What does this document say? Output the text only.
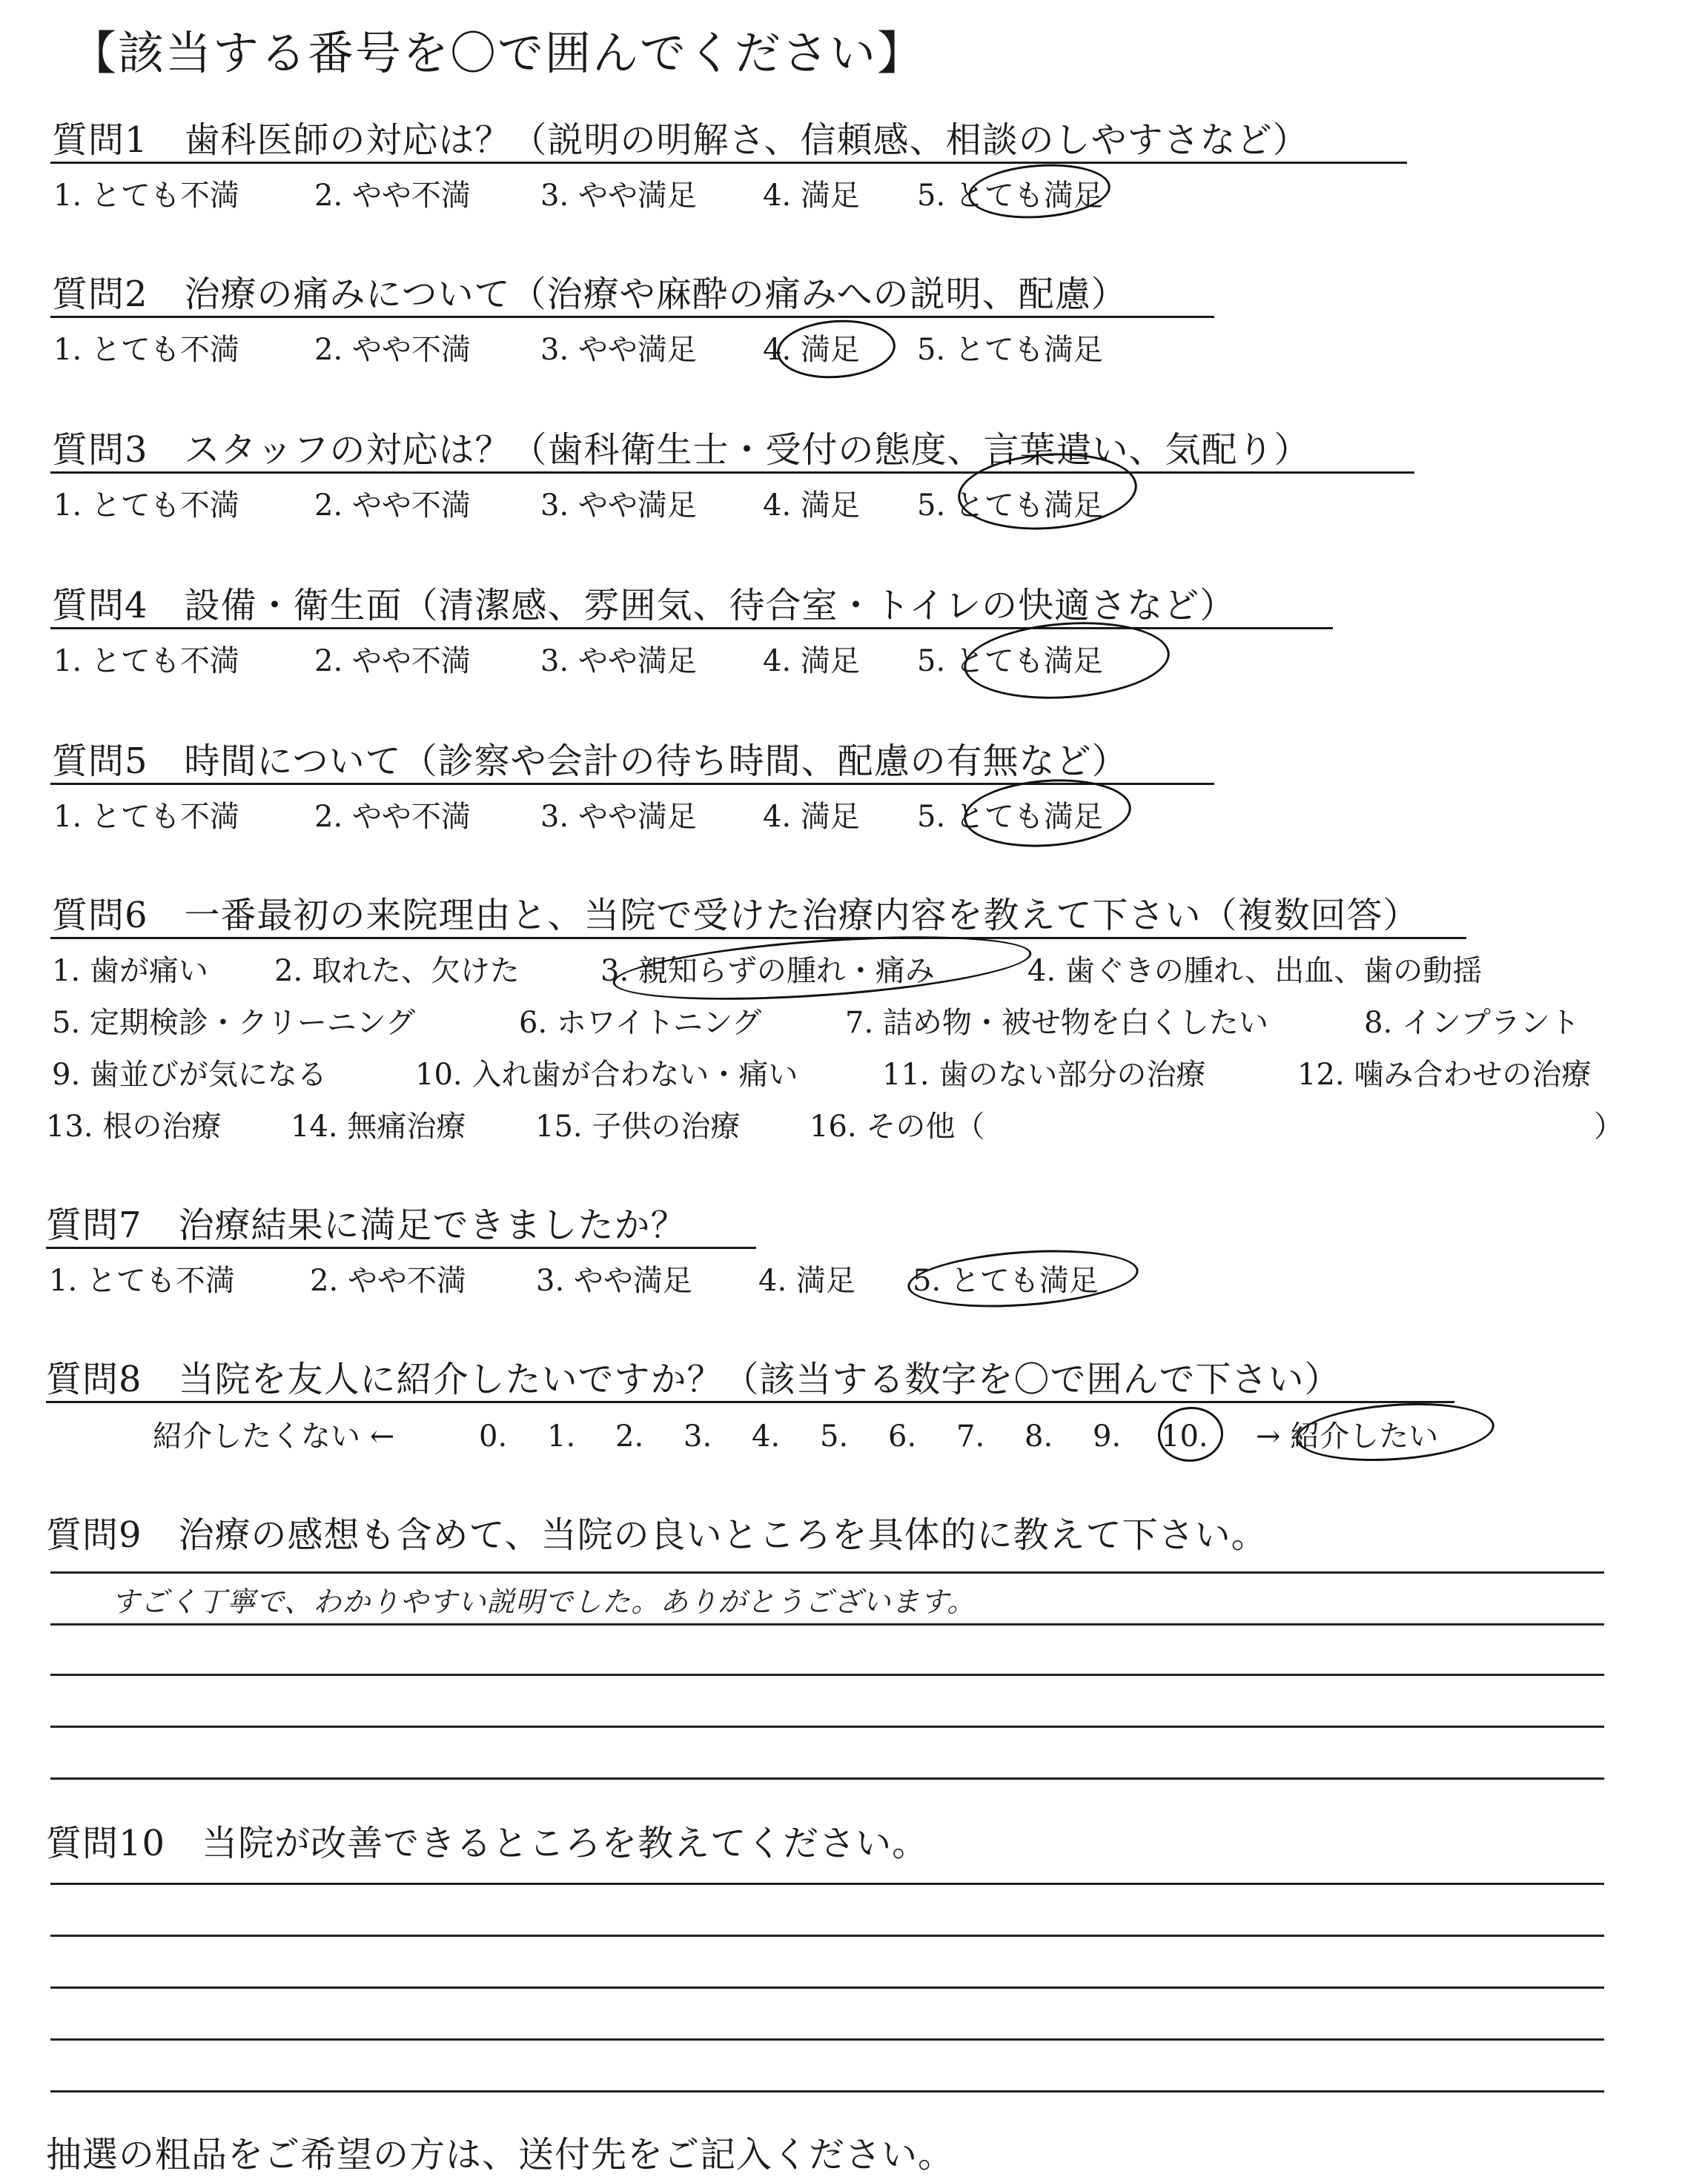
【該当する番号を〇で囲んでください】
質問1　歯科医師の対応は？（説明の明解さ、信頼感、相談のしやすさなど）
1. とても不満	2. やや不満 3. やや満足 4. 満足 5. とても満足
質問2　治療の痛みについて（治療や麻酔の痛みへの説明、配慮）
1. とても不満	2. やや不満 3. やや満足 4. 満足 5. とても満足
質問3　スタッフの対応は？（歯科衛生士・受付の態度、言葉遣い、気配り）
1. とても不満	2. やや不満 3. やや満足 4. 満足 5. とても満足
質問4　設備・衛生面（清潔感、雰囲気、待合室・トイレの快適さなど）
1. とても不満	2. やや不満 3. やや満足 4. 満足 5. とても満足
質問5　時間について（診察や会計の待ち時間、配慮の有無など）
1. とても不満	2. やや不満 3. やや満足 4. 満足 5. とても満足
質問6　一番最初の来院理由と、当院で受けた治療内容を教えて下さい（複数回答）
1. 歯が痛い 2. 取れた、欠けた	3. 親知らずの腫れ・痛み	4. 歯ぐきの腫れ、出血、歯の動揺
5. 定期検診・クリーニング	6. ホワイトニング	7. 詰め物・被せ物を白くしたい	8. インプラント
9. 歯並びが気になる	10. 入れ歯が合わない・痛い	11. 歯のない部分の治療	12. 噛み合わせの治療
13. 根の治療 14. 無痛治療 15. 子供の治療 16. その他（	）
質問7　治療結果に満足できましたか？
1. とても不満	2. やや不満 3. やや満足 4. 満足 5. とても満足
質問8　当院を友人に紹介したいですか？（該当する数字を〇で囲んで下さい）
紹介したくない ←	0. 1. 2. 3. 4. 5. 6. 7. 8. 9. 10. → 紹介したい
質問9　治療の感想も含めて、当院の良いところを具体的に教えて下さい。
すごく丁寧で、わかりやすい説明でした。ありがとうございます。
質問10　当院が改善できるところを教えてください。
抽選の粗品をご希望の方は、送付先をご記入ください。
